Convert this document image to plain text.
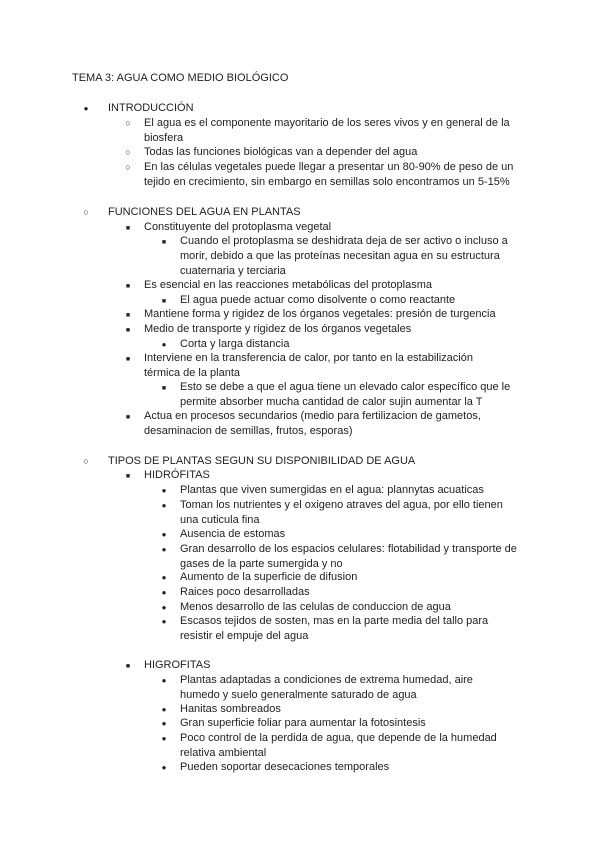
TEMA 3: AGUA COMO MEDIO BIOLÓGICO
●
INTRODUCCIÓN
○
El agua es el componente mayoritario de los seres vivos y en general de la biosfera
○
Todas las funciones biológicas van a depender del agua
○
En las células vegetales puede llegar a presentar un 80-90% de peso de un tejido en crecimiento, sin embargo en semillas solo encontramos un 5-15%
○
FUNCIONES DEL AGUA EN PLANTAS
■
Constituyente del protoplasma vegetal
■
Cuando el protoplasma se deshidrata deja de ser activo o incluso a morir, debido a que las proteínas necesitan agua en su estructura cuaternaria y terciaria
■
Es esencial en las reacciones metabólicas del protoplasma
■
El agua puede actuar como disolvente o como reactante
■
Mantiene forma y rigidez de los órganos vegetales: presión de turgencia
■
Medio de transporte y rigidez de los órganos vegetales
●
Corta y larga distancia
■
Interviene en la transferencia de calor, por tanto en la estabilización térmica de la planta
■
Esto se debe a que el agua tiene un elevado calor específico que le permite absorber mucha cantidad de calor sujin aumentar la T
■
Actua en procesos secundarios (medio para fertilizacion de gametos, desaminacion de semillas, frutos, esporas)
○
TIPOS DE PLANTAS SEGUN SU DISPONIBILIDAD DE AGUA
■
HIDRÓFITAS
●
Plantas que viven sumergidas en el agua: plannytas acuaticas
●
Toman los nutrientes y el oxigeno atraves del agua, por ello tienen una cuticula fina
●
Ausencia de estomas
●
Gran desarrollo de los espacios celulares: flotabilidad y transporte de gases de la parte sumergida y no
●
Aumento de la superficie de difusion
●
Raices poco desarrolladas
●
Menos desarrollo de las celulas de conduccion de agua
●
Escasos tejidos de sosten, mas en la parte media del tallo para resistir el empuje del agua
■
HIGROFITAS
●
Plantas adaptadas a condiciones de extrema humedad, aire humedo y suelo generalmente saturado de agua
●
Hanitas sombreados
●
Gran superficie foliar para aumentar la fotosintesis
●
Poco control de la perdida de agua, que depende de la humedad relativa ambiental
●
Pueden soportar desecaciones temporales
